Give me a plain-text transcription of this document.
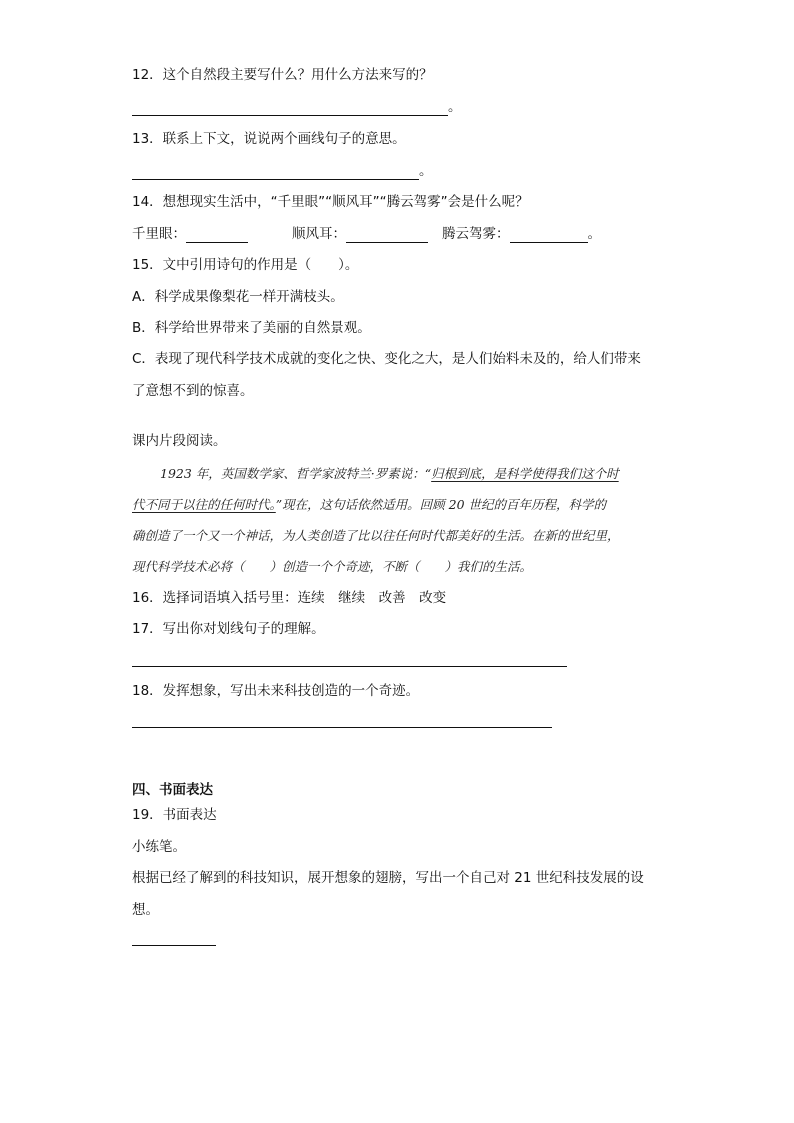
12．这个自然段主要写什么？用什么方法来写的？
。
13．联系上下文，说说两个画线句子的意思。
。
14．想想现实生活中，“千里眼”“顺风耳”“腾云驾雾”会是什么呢？
千里眼：	顺风耳：	腾云驾雾：	。
15．文中引用诗句的作用是（　　）。
A．科学成果像梨花一样开满枝头。
B．科学给世界带来了美丽的自然景观。
C．表现了现代科学技术成就的变化之快、变化之大，是人们始料未及的，给人们带来
了意想不到的惊喜。
课内片段阅读。
1923 年，英国数学家、哲学家波特兰·罗素说：“归根到底，是科学使得我们这个时
代不同于以往的任何时代。”现在，这句话依然适用。回顾 20 世纪的百年历程，科学的
确创造了一个又一个神话，为人类创造了比以往任何时代都美好的生活。在新的世纪里，
现代科学技术必将（　　）创造一个个奇迹，不断（　　）我们的生活。
16．选择词语填入括号里：连续　继续　改善　改变
17．写出你对划线句子的理解。
18．发挥想象，写出未来科技创造的一个奇迹。
四、书面表达
19．书面表达
小练笔。
根据已经了解到的科技知识，展开想象的翅膀，写出一个自己对 21 世纪科技发展的设
想。
